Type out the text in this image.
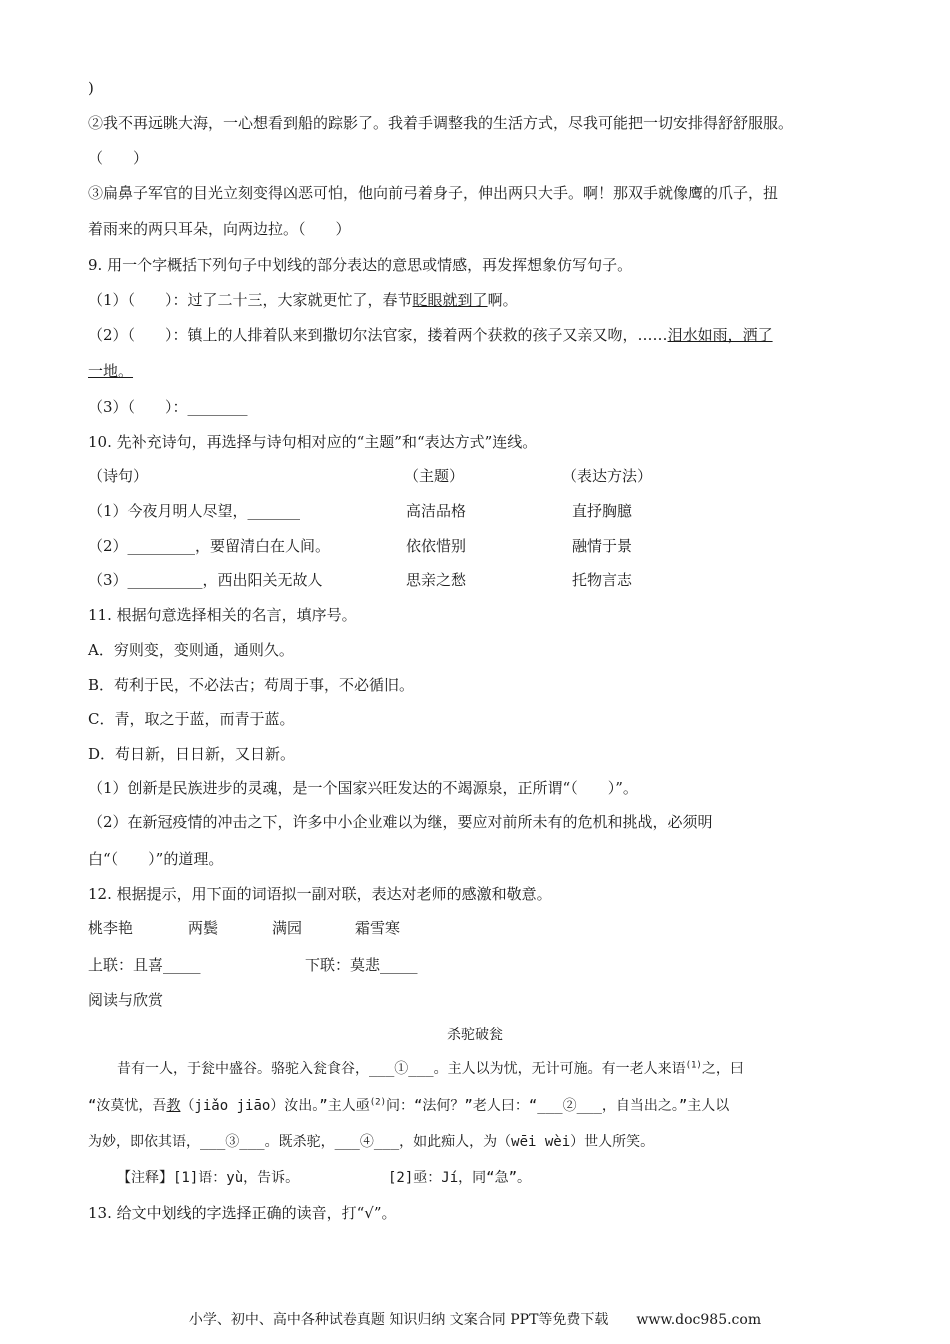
)
②我不再远眺大海，一心想看到船的踪影了。我着手调整我的生活方式，尽我可能把一切安排得舒舒服服。
（　　）
③扁鼻子军官的目光立刻变得凶恶可怕，他向前弓着身子，伸出两只大手。啊！那双手就像鹰的爪子，扭
着雨来的两只耳朵，向两边拉。（　　）
9. 用一个字概括下列句子中划线的部分表达的意思或情感，再发挥想象仿写句子。
（1）（　　）：过了二十三，大家就更忙了，春节眨眼就到了啊。
（2）（　　）：镇上的人排着队来到撒切尔法官家，搂着两个获救的孩子又亲又吻，……泪水如雨，洒了
一地。
（3）（　　）：________
10. 先补充诗句，再选择与诗句相对应的“主题”和“表达方式”连线。
（诗句）	（主题）	（表达方法）
（1）今夜月明人尽望，_______	高洁品格	直抒胸臆
（2）_________，要留清白在人间。	依依惜别	融情于景
（3）__________，西出阳关无故人	思亲之愁	托物言志
11. 根据句意选择相关的名言，填序号。
A．穷则变，变则通，通则久。
B．苟利于民，不必法古；苟周于事，不必循旧。
C．青，取之于蓝，而青于蓝。
D．苟日新，日日新，又日新。
（1）创新是民族进步的灵魂，是一个国家兴旺发达的不竭源泉，正所谓“（　　）”。
（2）在新冠疫情的冲击之下，许多中小企业难以为继，要应对前所未有的危机和挑战，必须明
白“（　　）”的道理。
12. 根据提示，用下面的词语拟一副对联，表达对老师的感激和敬意。
桃李艳	两鬓	满园	霜雪寒
上联：且喜_____	下联：莫悲_____
阅读与欣赏
杀驼破瓮
昔有一人，于瓮中盛谷。骆驼入瓮食谷，___①___。主人以为忧，无计可施。有一老人来语$^{(1)}$之，曰
“汝莫忧，吾教（jiǎo jiāo）汝出。”主人亟$^{(2)}$问：“法何？”老人曰：“___②___，自当出之。”主人以
为妙，即依其语，___③___。既杀驼，___④___，如此痴人，为（wēi wèi）世人所笑。
【注释】[1]语：yù，告诉。	[2]亟：Jí，同“急”。
13. 给文中划线的字选择正确的读音，打“√”。
小学、初中、高中各种试卷真题 知识归纳 文案合同 PPT等免费下载　　www.doc985.com
